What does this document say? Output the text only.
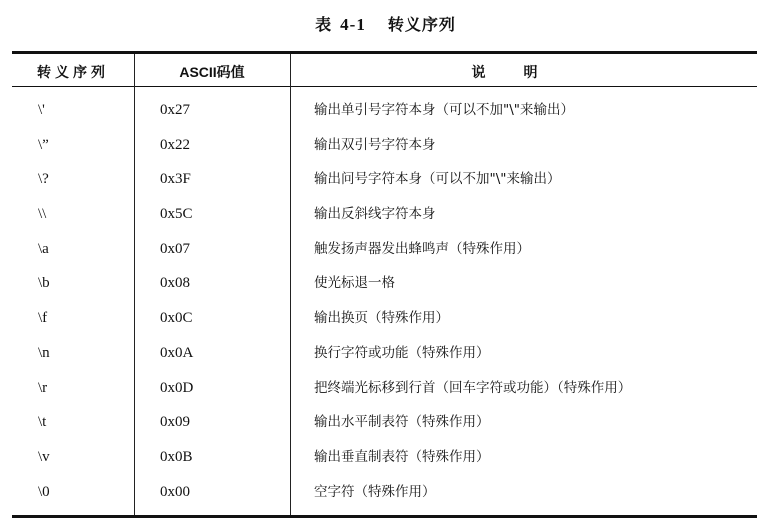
表 4-1 转义序列
转义序列	ASCII码值	说明
\'	0x27	输出单引号字符本身（可以不加"\"来输出）
\”	0x22	输出双引号字符本身
\?	0x3F	输出问号字符本身（可以不加"\"来输出）
\\	0x5C	输出反斜线字符本身
\a	0x07	触发扬声器发出蜂鸣声（特殊作用）
\b	0x08	使光标退一格
\f	0x0C	输出换页（特殊作用）
\n	0x0A	换行字符或功能（特殊作用）
\r	0x0D	把终端光标移到行首（回车字符或功能）（特殊作用）
\t	0x09	输出水平制表符（特殊作用）
\v	0x0B	输出垂直制表符（特殊作用）
\0	0x00	空字符（特殊作用）
